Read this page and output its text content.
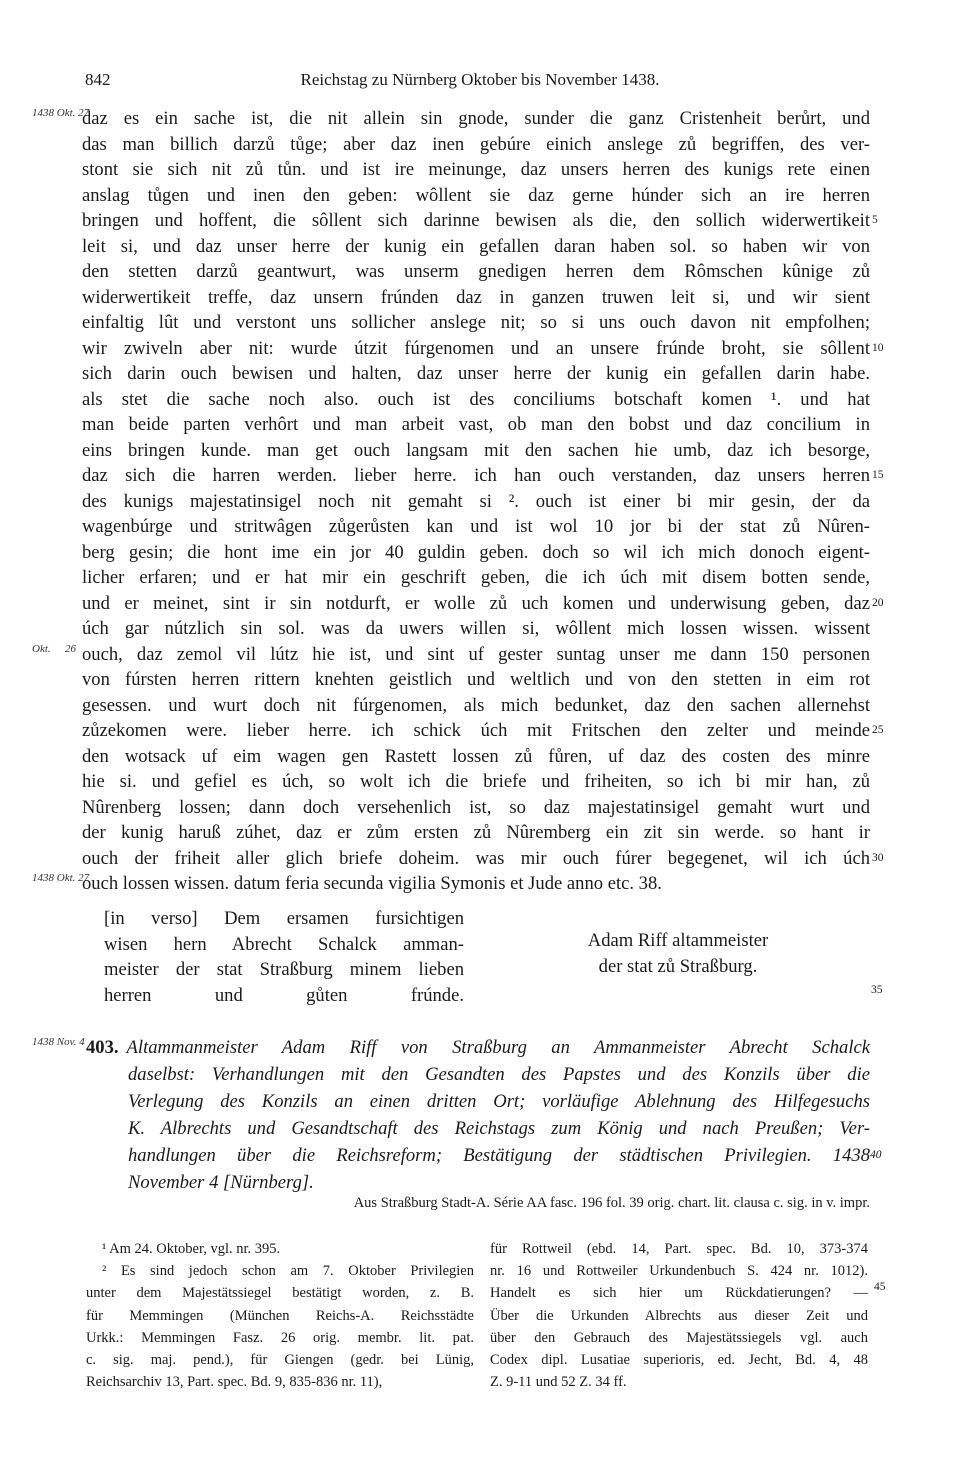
Reichstag zu Nürnberg Oktober bis November 1438.
842
daz es ein sache ist, die nit allein sin gnode, sunder die ganz Cristenheit berůrt, und
1438 Okt. 27
das man billich darzů tůge; aber daz inen gebúre einich anslege zů begriffen, des ver-
stont sie sich nit zů tůn. und ist ire meinunge, daz unsers herren des kunigs rete einen
anslag tůgen und inen den geben: wôllent sie daz gerne húnder sich an ire herren
bringen und hoffent, die sôllent sich darinne bewisen als die, den sollich widerwertikeit 5
leit si, und daz unser herre der kunig ein gefallen daran haben sol. so haben wir von
den stetten darzů geantwurt, was unserm gnedigen herren dem Rômschen kûnige zů
widerwertikeit treffe, daz unsern frúnden daz in ganzen truwen leit si, und wir sient
einfaltig lût und verstont uns sollicher anslege nit; so si uns ouch davon nit empfolhen;
wir zwiveln aber nit: wurde útzit fúrgenomen und an unsere frúnde broht, sie sôllent 10
sich darin ouch bewisen und halten, daz unser herre der kunig ein gefallen darin habe.
als stet die sache noch also. ouch ist des conciliums botschaft komen ¹. und hat
man beide parten verhôrt und man arbeit vast, ob man den bobst und daz concilium in
eins bringen kunde. man get ouch langsam mit den sachen hie umb, daz ich besorge,
daz sich die harren werden. lieber herre. ich han ouch verstanden, daz unsers herren 15
des kunigs majestatinsigel noch nit gemaht si ². ouch ist einer bi mir gesin, der da
wagenbúrge und stritwâgen zůgerůsten kan und ist wol 10 jor bi der stat zů Nûren-
berg gesin; die hont ime ein jor 40 guldin geben. doch so wil ich mich donoch eigent-
licher erfaren; und er hat mir ein geschrift geben, die ich úch mit disem botten sende,
und er meinet, sint ir sin notdurft, er wolle zů uch komen und underwisung geben, daz 20
úch gar nútzlich sin sol. was da uwers willen si, wôllent mich lossen wissen. wissent
ouch, daz zemol vil lútz hie ist, und sint uf gester suntag unser me dann 150 personen
Okt. 26
von fúrsten herren rittern knehten geistlich und weltlich und von den stetten in eim rot
gesessen. und wurt doch nit fúrgenomen, als mich bedunket, daz den sachen allernehst
zůzekomen were. lieber herre. ich schick úch mit Fritschen den zelter und meinde 25
den wotsack uf eim wagen gen Rastett lossen zů fůren, uf daz des costen des minre
hie si. und gefiel es úch, so wolt ich die briefe und friheiten, so ich bi mir han, zů
Nûrenberg lossen; dann doch versehenlich ist, so daz majestatinsigel gemaht wurt und
der kunig haruß zúhet, daz er zům ersten zů Nûremberg ein zit sin werde. so hant ir
ouch der friheit aller glich briefe doheim. was mir ouch fúrer begegenet, wil ich úch 30
ouch lossen wissen. datum feria secunda vigilia Symonis et Jude anno etc. 38.
1438 Okt. 27
[in verso] Dem ersamen fursichtigen
wisen hern Abrecht Schalck amman-
meister der stat Straßburg minem lieben
herren und gůten frúnde.
Adam Riff altammeister
der stat zů Straßburg.
35
1438 Nov. 4 403. Altammanmeister Adam Riff von Straßburg an Ammanmeister Abrecht Schalck
daselbst: Verhandlungen mit den Gesandten des Papstes und des Konzils über die
Verlegung des Konzils an einen dritten Ort; vorläufige Ablehnung des Hilfegesuchs
K. Albrechts und Gesandtschaft des Reichstags zum König und nach Preußen; Ver-
handlungen über die Reichsreform; Bestätigung der städtischen Privilegien. 1438 40
November 4 [Nürnberg].
Aus Straßburg Stadt-A. Série AA fasc. 196 fol. 39 orig. chart. lit. clausa c. sig. in v. impr.
¹ Am 24. Oktober, vgl. nr. 395.
² Es sind jedoch schon am 7. Oktober Privilegien
unter dem Majestätssiegel bestätigt worden, z. B.
für Memmingen (München Reichs-A. Reichsstädte
Urkk.: Memmingen Fasz. 26 orig. membr. lit. pat.
c. sig. maj. pend.), für Giengen (gedr. bei Lünig,
Reichsarchiv 13, Part. spec. Bd. 9, 835-836 nr. 11),
für Rottweil (ebd. 14, Part. spec. Bd. 10, 373-374
nr. 16 und Rottweiler Urkundenbuch S. 424 nr. 1012).
Handelt es sich hier um Rückdatierungen? —
Über die Urkunden Albrechts aus dieser Zeit und
über den Gebrauch des Majestätssiegels vgl. auch
Codex dipl. Lusatiae superioris, ed. Jecht, Bd. 4, 48
Z. 9-11 und 52 Z. 34 ff.
45
